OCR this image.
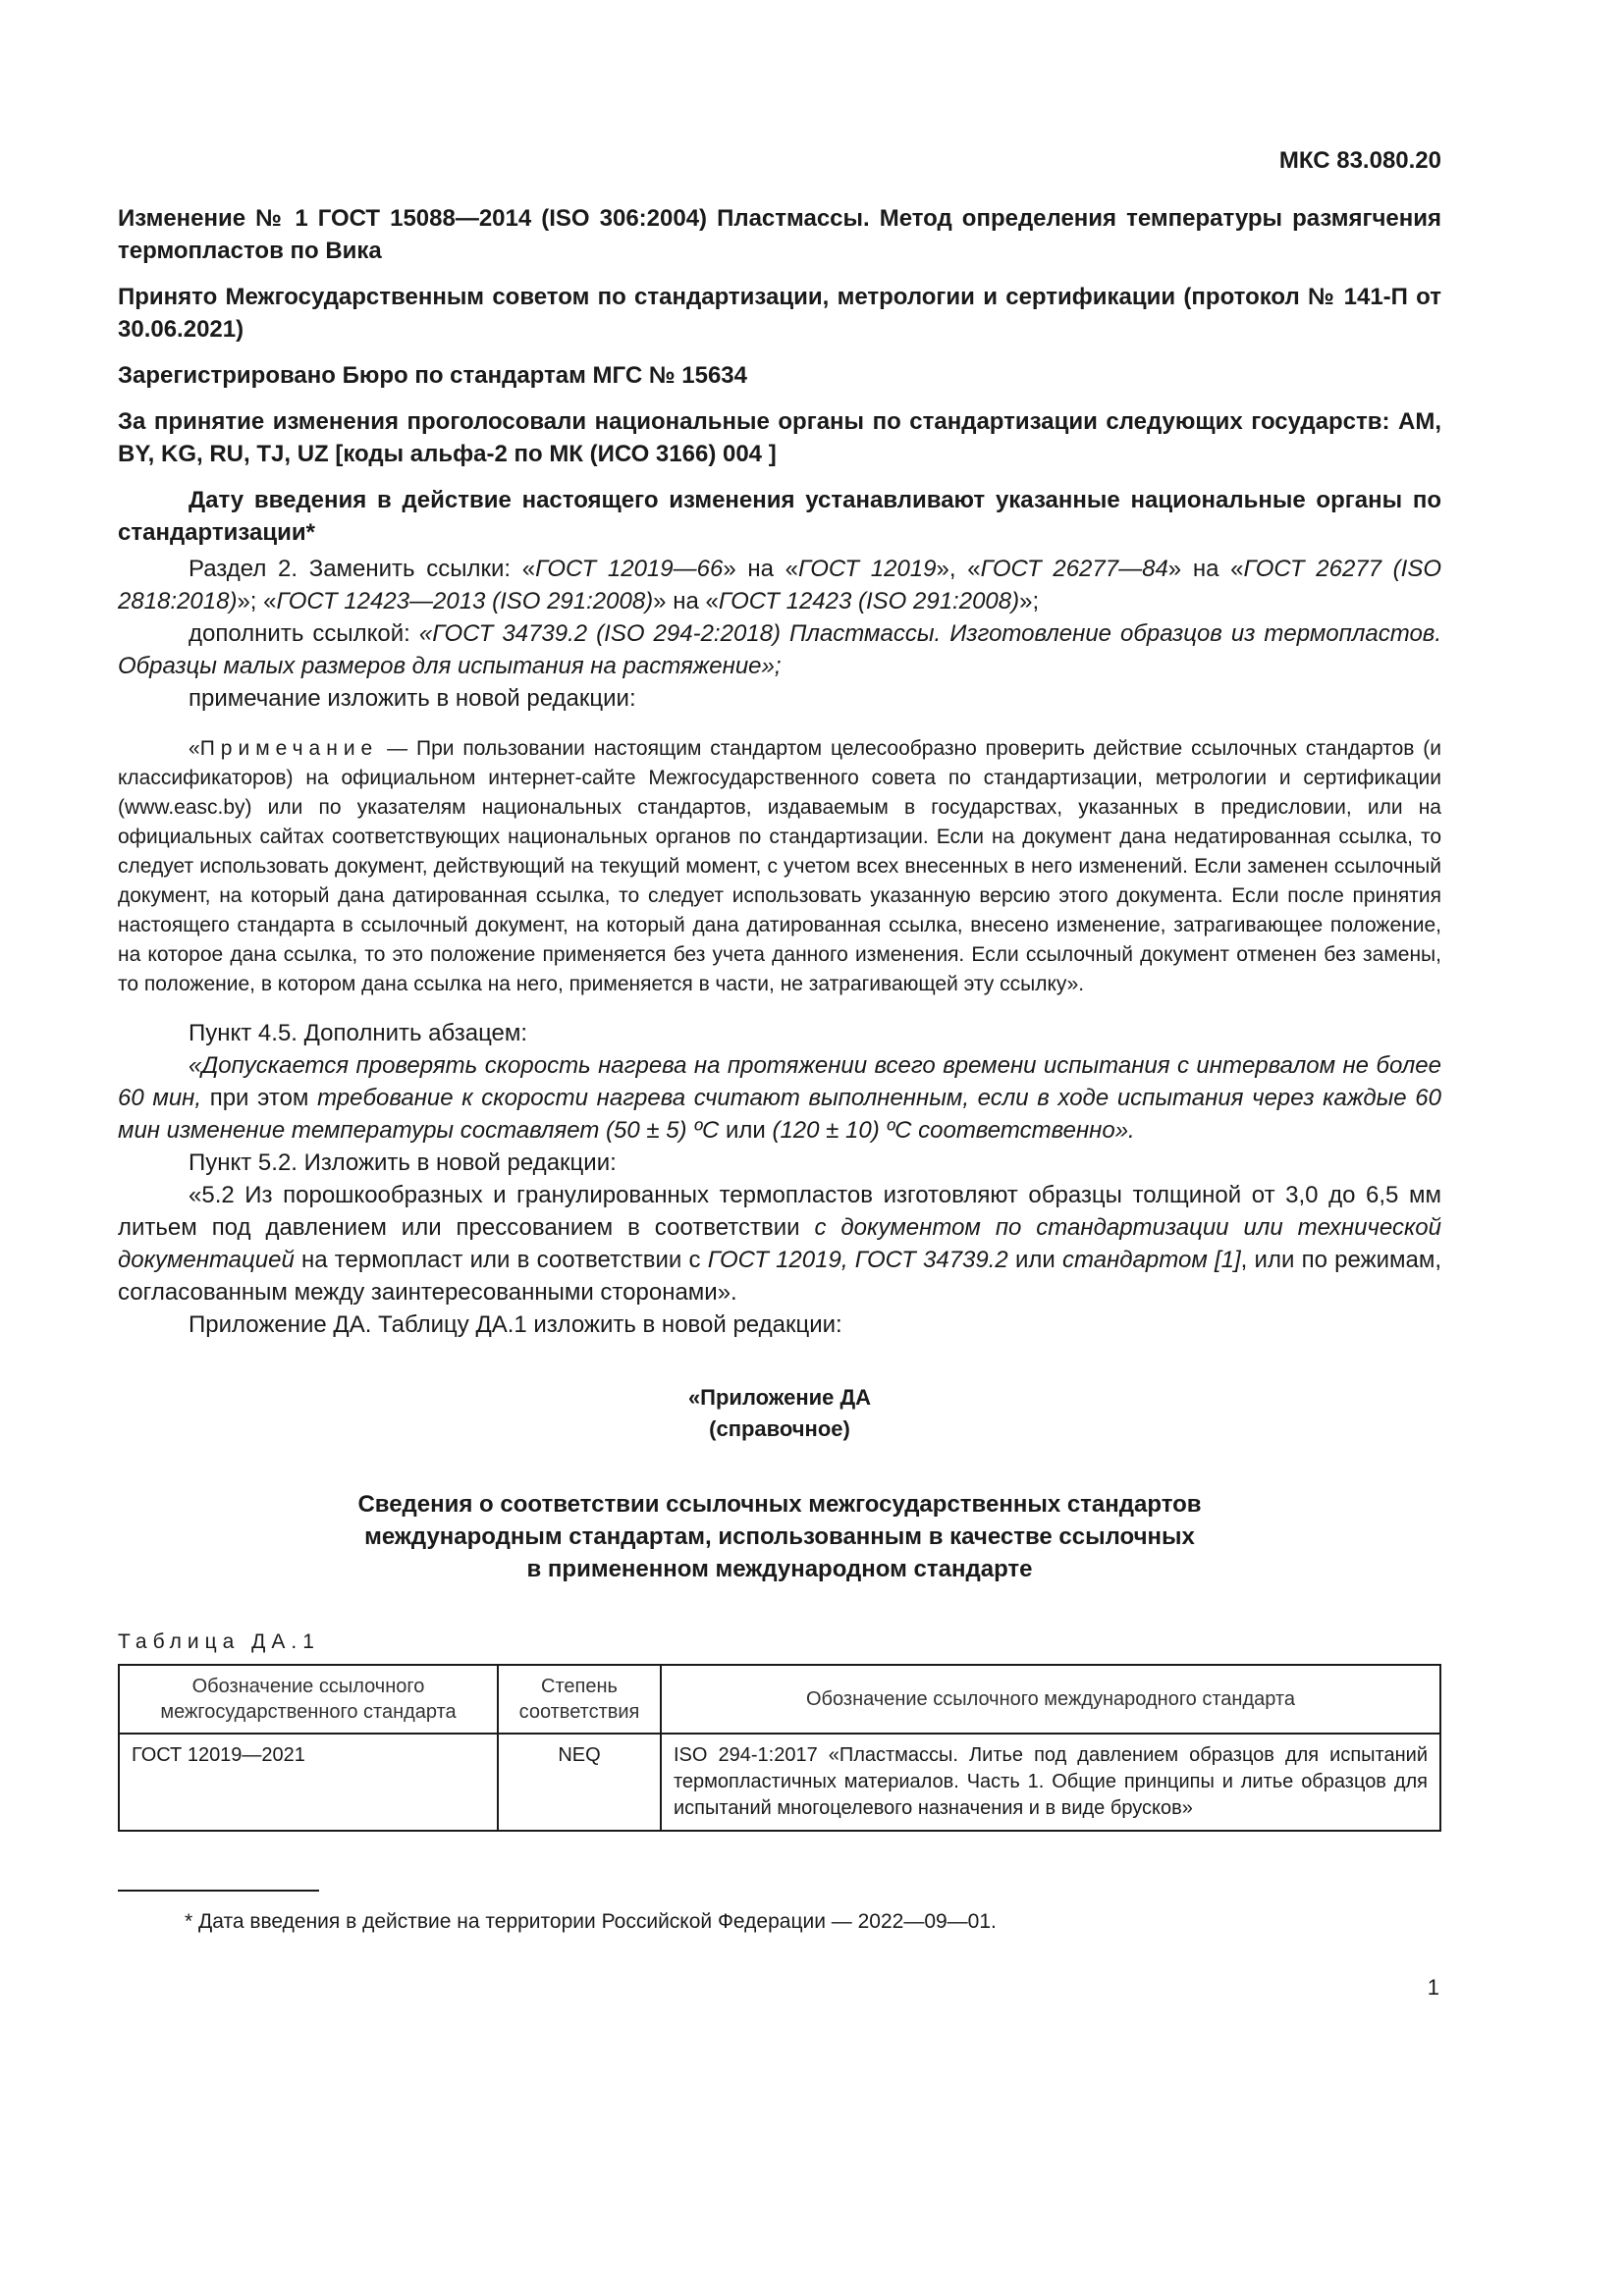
МКС 83.080.20
Изменение № 1 ГОСТ 15088—2014 (ISO 306:2004) Пластмассы. Метод определения температуры размягчения термопластов по Вика
Принято Межгосударственным советом по стандартизации, метрологии и сертификации (протокол № 141-П от 30.06.2021)
Зарегистрировано Бюро по стандартам МГС № 15634
За принятие изменения проголосовали национальные органы по стандартизации следующих государств: AM, BY, KG, RU, TJ, UZ [коды альфа-2 по МК (ИСО 3166) 004 ]
Дату введения в действие настоящего изменения устанавливают указанные национальные органы по стандартизации*

Раздел 2. Заменить ссылки: «ГОСТ 12019—66» на «ГОСТ 12019», «ГОСТ 26277—84» на «ГОСТ 26277 (ISO 2818:2018)»; «ГОСТ 12423—2013 (ISO 291:2008)» на «ГОСТ 12423 (ISO 291:2008)»;

дополнить ссылкой: «ГОСТ 34739.2 (ISO 294-2:2018) Пластмассы. Изготовление образцов из термопластов. Образцы малых размеров для испытания на растяжение»;

примечание изложить в новой редакции:

«Примечание — При пользовании настоящим стандартом целесообразно проверить действие ссылочных стандартов (и классификаторов) на официальном интернет-сайте Межгосударственного совета по стандартизации, метрологии и сертификации (www.easc.by) или по указателям национальных стандартов, издаваемым в государствах, указанных в предисловии, или на официальных сайтах соответствующих национальных органов по стандартизации. Если на документ дана недатированная ссылка, то следует использовать документ, действующий на текущий момент, с учетом всех внесенных в него изменений. Если заменен ссылочный документ, на который дана датированная ссылка, то следует использовать указанную версию этого документа. Если после принятия настоящего стандарта в ссылочный документ, на который дана датированная ссылка, внесено изменение, затрагивающее положение, на которое дана ссылка, то это положение применяется без учета данного изменения. Если ссылочный документ отменен без замены, то положение, в котором дана ссылка на него, применяется в части, не затрагивающей эту ссылку».

Пункт 4.5. Дополнить абзацем:

«Допускается проверять скорость нагрева на протяжении всего времени испытания с интервалом не более 60 мин, при этом требование к скорости нагрева считают выполненным, если в ходе испытания через каждые 60 мин изменение температуры составляет (50 ± 5) ºС или (120 ± 10) ºС соответственно».

Пункт 5.2. Изложить в новой редакции:

«5.2 Из порошкообразных и гранулированных термопластов изготовляют образцы толщиной от 3,0 до 6,5 мм литьем под давлением или прессованием в соответствии с документом по стандартизации или технической документацией на термопласт или в соответствии с ГОСТ 12019, ГОСТ 34739.2 или стандартом [1], или по режимам, согласованным между заинтересованными сторонами».

Приложение ДА. Таблицу ДА.1 изложить в новой редакции:

«Приложение ДА
(справочное)
Сведения о соответствии ссылочных межгосударственных стандартов
международным стандартам, использованным в качестве ссылочных
в примененном международном стандарте
Таблица ДА.1
Обозначение ссылочного межгосударственного стандарта	Степень соответствия	Обозначение ссылочного международного стандарта
ГОСТ 12019—2021	NEQ	ISO 294-1:2017 «Пластмассы. Литье под давлением образцов для испытаний термопластичных материалов. Часть 1. Общие принципы и литье образцов для испытаний многоцелевого назначения и в виде брусков»
* Дата введения в действие на территории Российской Федерации — 2022—09—01.
1
